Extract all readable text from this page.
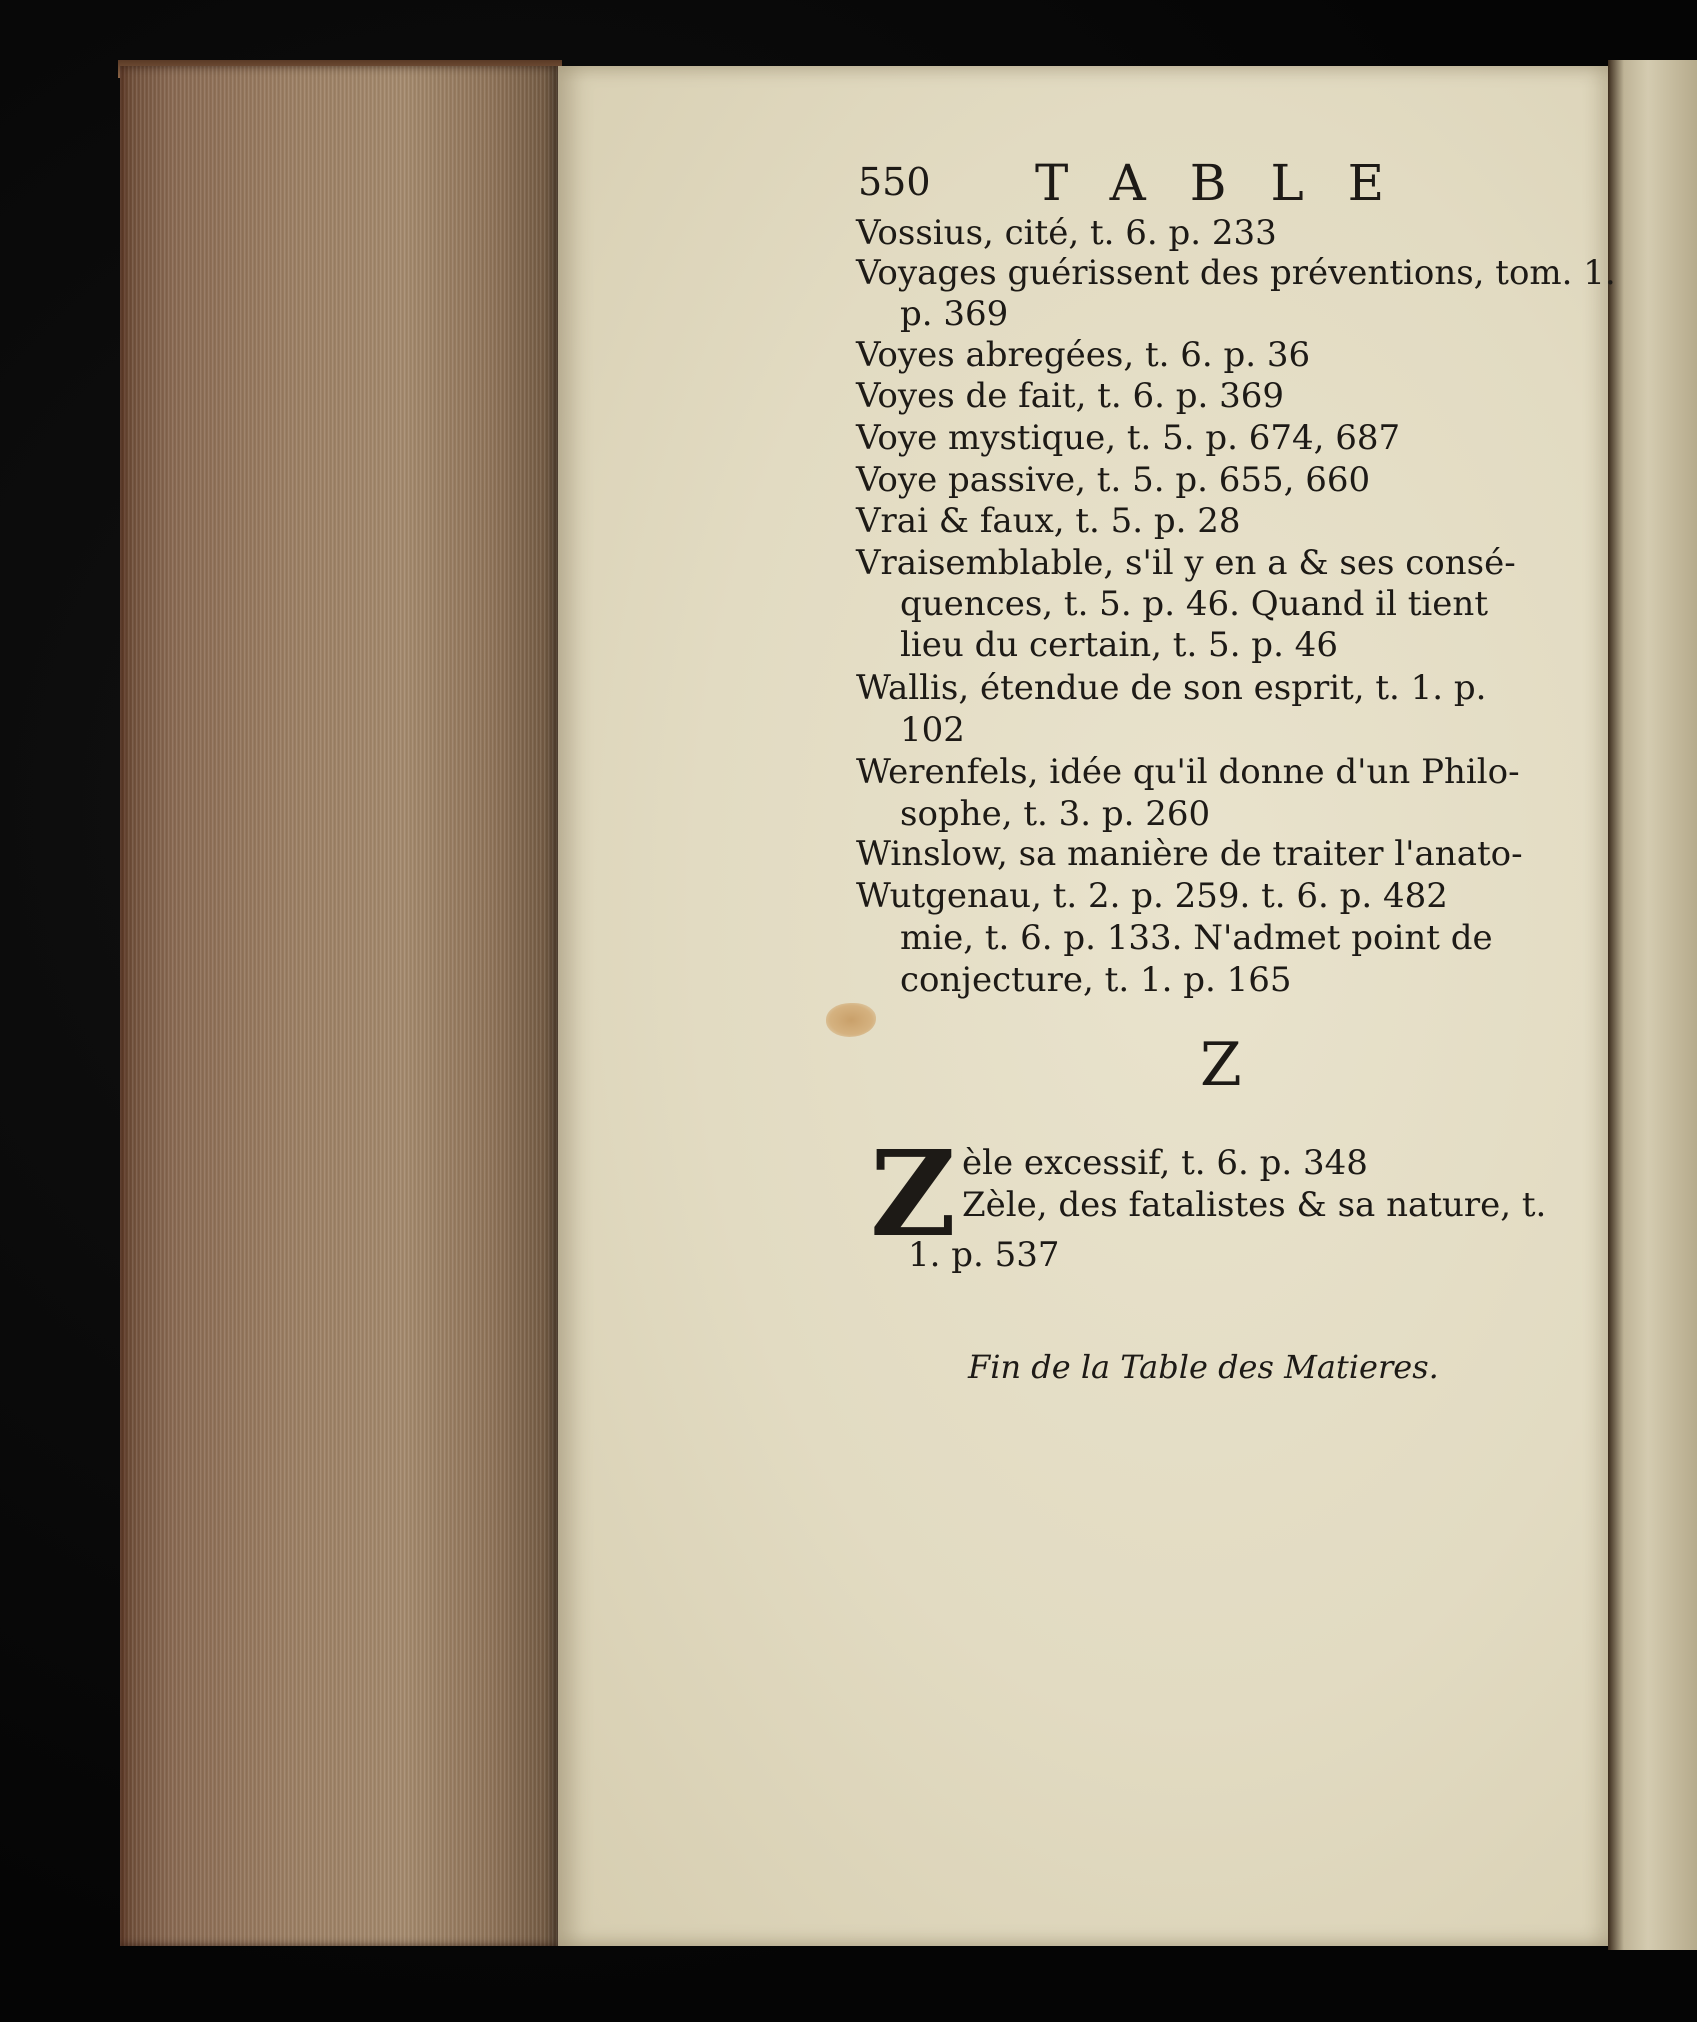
550 TABLE
Vossius, cité, t. 6. p. 233
Voyages guérissent des préventions, tom. 1.
p. 369
Voyes abregées, t. 6. p. 36
Voyes de fait, t. 6. p. 369
Voye mystique, t. 5. p. 674, 687
Voye passive, t. 5. p. 655, 660
Vrai & faux, t. 5. p. 28
Vraisemblable, s'il y en a & ses consé-
quences, t. 5. p. 46. Quand il tient
lieu du certain, t. 5. p. 46
Wallis, étendue de son esprit, t. 1. p.
102
Werenfels, idée qu'il donne d'un Philo-
sophe, t. 3. p. 260
Winslow, sa manière de traiter l'anato-
Wutgenau, t. 2. p. 259. t. 6. p. 482
mie, t. 6. p. 133. N'admet point de
conjecture, t. 1. p. 165
Z
Z èle excessif, t. 6. p. 348
Zèle, des fatalistes & sa nature, t.
1. p. 537
Fin de la Table des Matieres.
